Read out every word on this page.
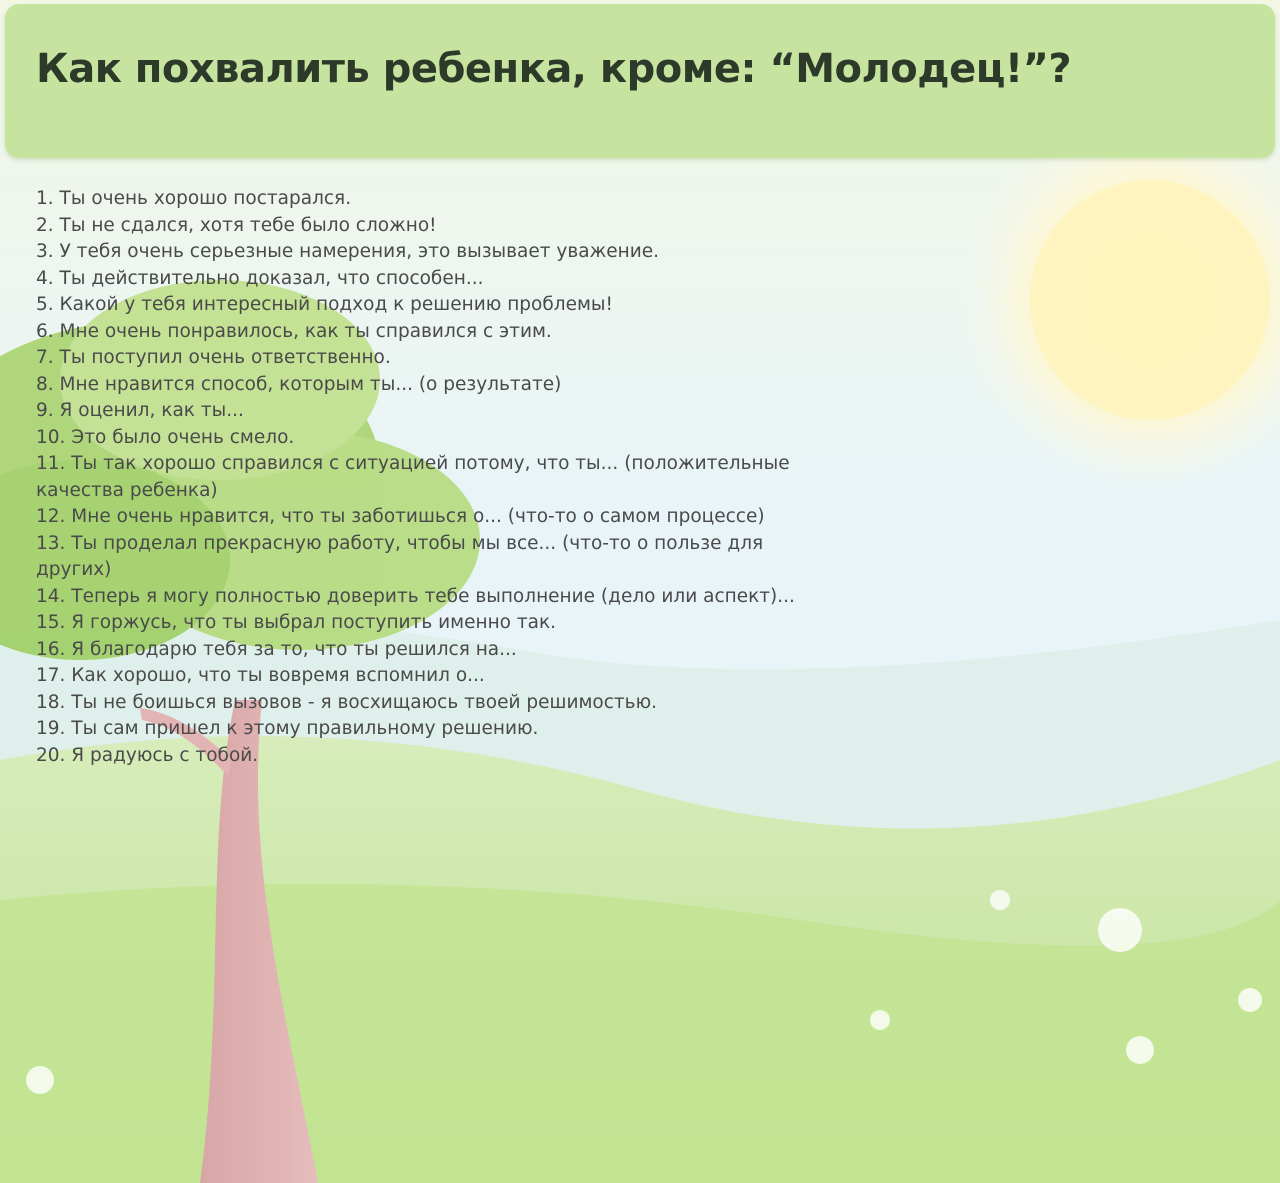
Как похвалить ребенка, кроме: “Молодец!”?
1. Ты очень хорошо постарался.
2. Ты не сдался, хотя тебе было сложно!
3. У тебя очень серьезные намерения, это вызывает уважение.
4. Ты действительно доказал, что способен...
5. Какой у тебя интересный подход к решению проблемы!
6. Мне очень понравилось, как ты справился с этим.
7. Ты поступил очень ответственно.
8. Мне нравится способ, которым ты... (о результате)
9. Я оценил, как ты...
10. Это было очень смело.
11. Ты так хорошо справился с ситуацией потому, что ты... (положительные
качества ребенка)
12. Мне очень нравится, что ты заботишься о... (что-то о самом процессе)
13. Ты проделал прекрасную работу, чтобы мы все... (что-то о пользе для
других)
14. Теперь я могу полностью доверить тебе выполнение (дело или аспект)...
15. Я горжусь, что ты выбрал поступить именно так.
16. Я благодарю тебя за то, что ты решился на...
17. Как хорошо, что ты вовремя вспомнил о...
18. Ты не боишься вызовов - я восхищаюсь твоей решимостью.
19. Ты сам пришел к этому правильному решению.
20. Я радуюсь с тобой.
